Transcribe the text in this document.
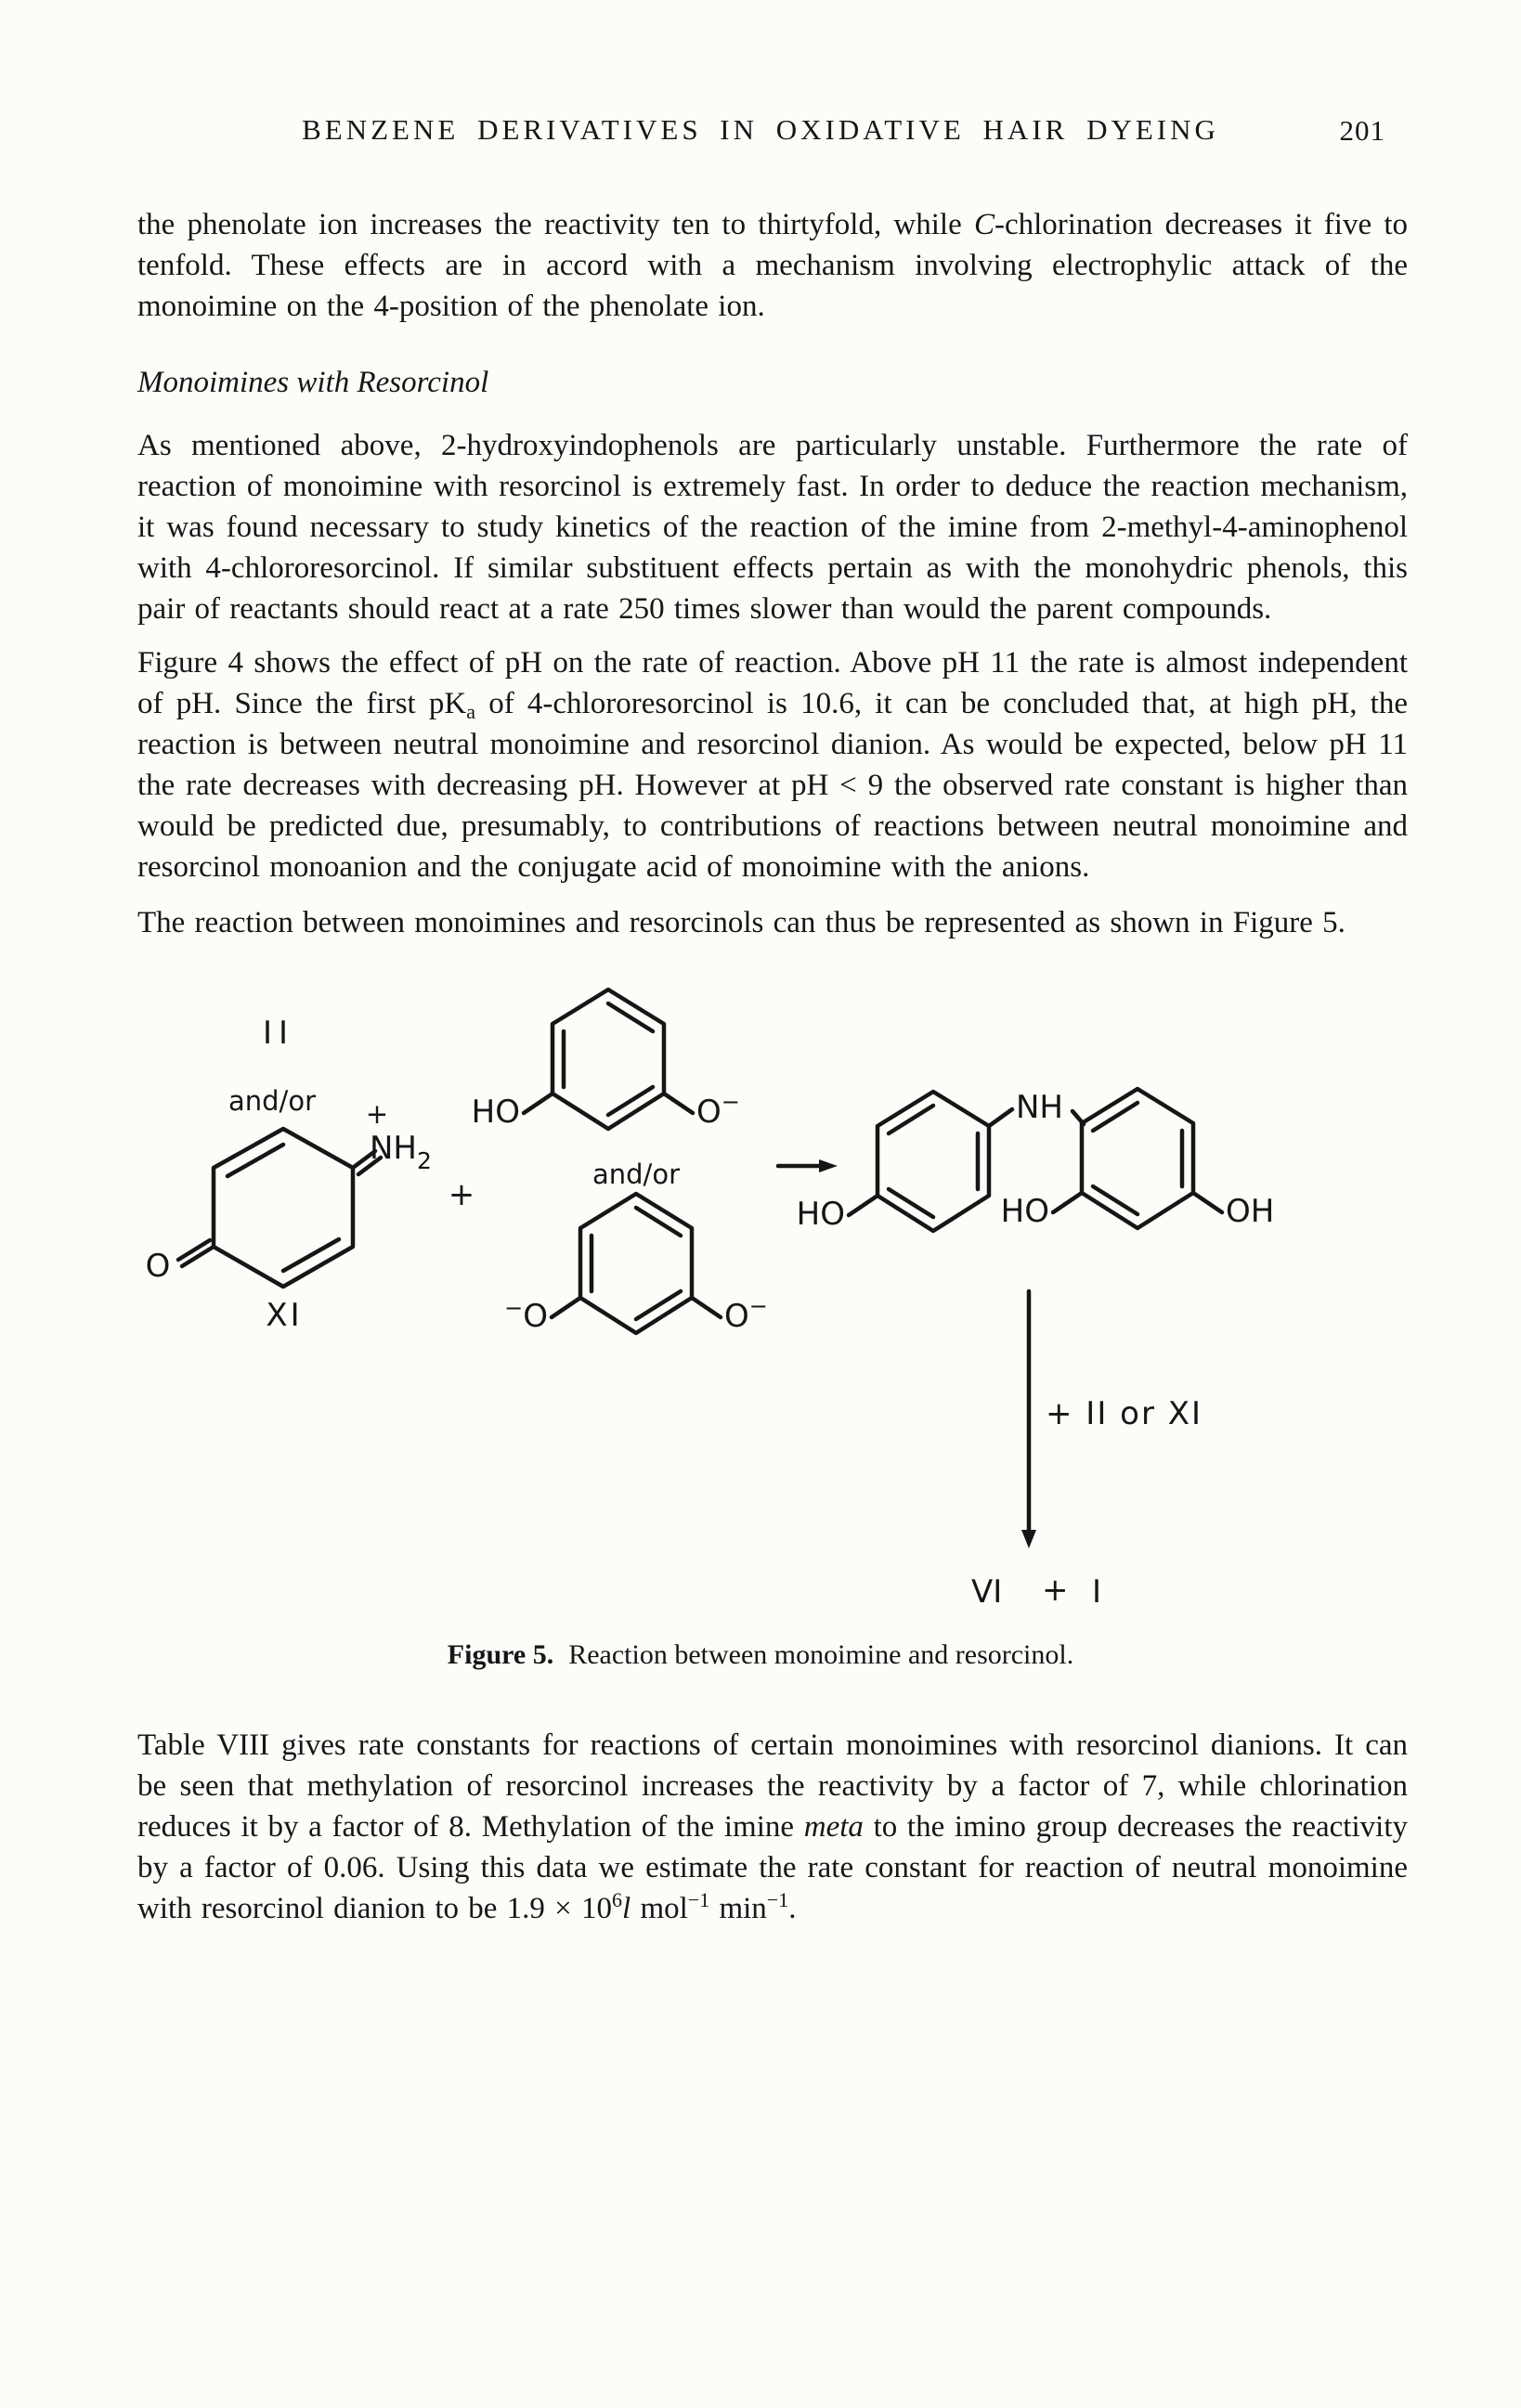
BENZENE DERIVATIVES IN OXIDATIVE HAIR DYEING	201

the phenolate ion increases the reactivity ten to thirtyfold, while C-chlorination decreases it five to tenfold. These effects are in accord with a mechanism involving electrophylic attack of the monoimine on the 4-position of the phenolate ion.

Monoimines with Resorcinol

As mentioned above, 2-hydroxyindophenols are particularly unstable. Furthermore the rate of reaction of monoimine with resorcinol is extremely fast. In order to deduce the reaction mechanism, it was found necessary to study kinetics of the reaction of the imine from 2-methyl-4-aminophenol with 4-chlororesorcinol. If similar substituent effects pertain as with the monohydric phenols, this pair of reactants should react at a rate 250 times slower than would the parent compounds.

Figure 4 shows the effect of pH on the rate of reaction. Above pH 11 the rate is almost independent of pH. Since the first $pK_a$ of 4-chlororesorcinol is 10.6, it can be concluded that, at high pH, the reaction is between neutral monoimine and resorcinol dianion. As would be expected, below pH 11 the rate decreases with decreasing pH. However at pH < 9 the observed rate constant is higher than would be predicted due, presumably, to contributions of reactions between neutral monoimine and resorcinol monoanion and the conjugate acid of monoimine with the anions.

The reaction between monoimines and resorcinols can thus be represented as shown in Figure 5.

II
and/or
O
+
$NH_2$
XI
+
HO	O−
and/or
−O	O−
HO
NH
HO	OH
+ II or XI
VI + I
Figure 5. Reaction between monoimine and resorcinol.

Table VIII gives rate constants for reactions of certain monoimines with resorcinol dianions. It can be seen that methylation of resorcinol increases the reactivity by a factor of 7, while chlorination reduces it by a factor of 8. Methylation of the imine meta to the imino group decreases the reactivity by a factor of 0.06. Using this data we estimate the rate constant for reaction of neutral monoimine with resorcinol dianion to be $1.9 \times 10^6l$ mol$^{-1}$ $\min^{-1}$.
